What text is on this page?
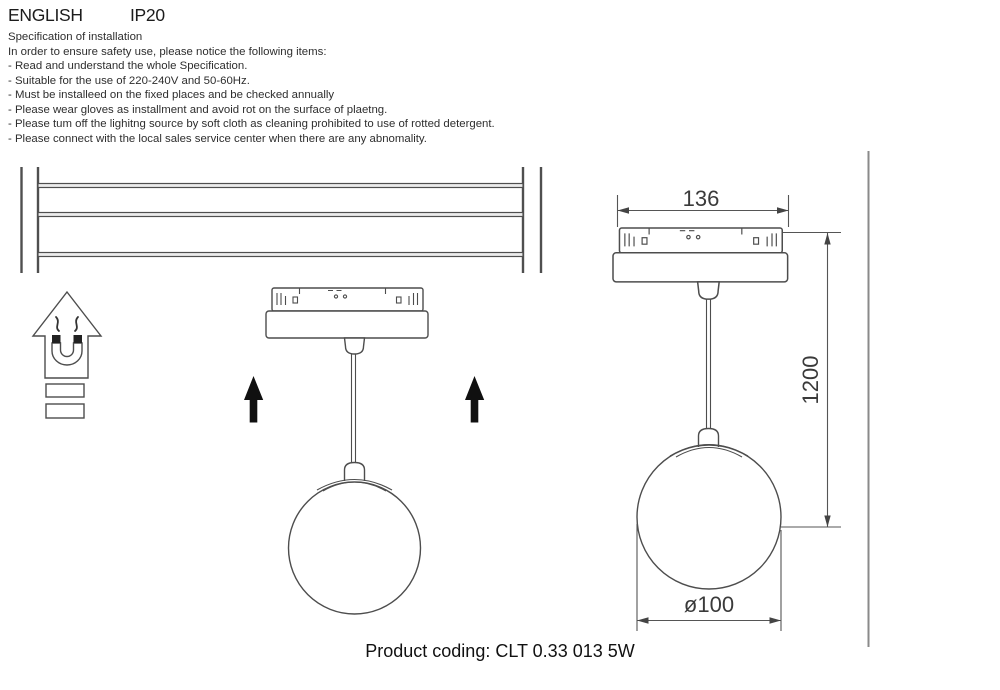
ENGLISH	IP20
Specification of installation
In order to ensure safety use, please notice the following items:
- Read and understand the whole Specification.
- Suitable for the use of 220-240V and 50-60Hz.
- Must be installeed on the fixed places and be checked annually
- Please wear gloves as installment and avoid rot on the surface of plaetng.
- Please tum off the lighitng source by soft cloth as cleaning prohibited to use of rotted detergent.
- Please connect with the local sales service center when there are any abnomality.
136
1200
ø100
Product coding: CLT 0.33 013 5W
